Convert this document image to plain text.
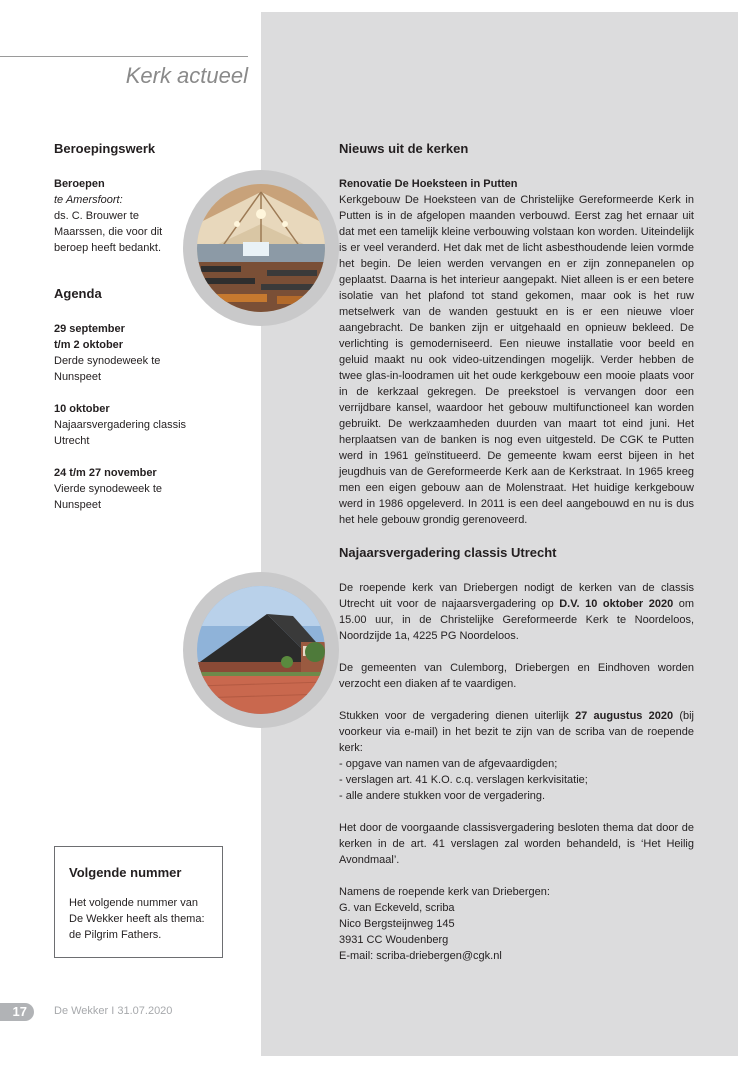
Kerk actueel
Beroepingswerk
Beroepen
te Amersfoort:
ds. C. Brouwer te
Maarssen, die voor dit
beroep heeft bedankt.
Agenda
29 september
t/m 2 oktober
Derde synodeweek te
Nunspeet
10 oktober
Najaarsvergadering classis
Utrecht
24 t/m 27 november
Vierde synodeweek te
Nunspeet
Nieuws uit de kerken
Renovatie De Hoeksteen in Putten

Kerkgebouw De Hoeksteen van de Christelijke Gereformeerde Kerk in Putten is in de afgelopen maanden verbouwd. Eerst zag het ernaar uit dat met een tamelijk kleine verbouwing volstaan kon worden. Uiteindelijk is er veel veranderd. Het dak met de licht asbesthoudende leien vormde het begin. De leien werden vervangen en er zijn zonnepanelen op geplaatst. Daarna is het interieur aangepakt. Niet alleen is er een betere isolatie van het plafond tot stand gekomen, maar ook is het ruw metselwerk van de wanden gestuukt en is er een nieuwe vloer aangebracht. De banken zijn er uitgehaald en opnieuw bekleed. De verlichting is gemoderniseerd. Een nieuwe installatie voor beeld en geluid maakt nu ook video-uitzendingen mogelijk. Verder hebben de twee glas-in-loodramen uit het oude kerkgebouw een mooie plaats voor in de kerkzaal gekregen. De preekstoel is vervangen door een verrijdbare kansel, waardoor het gebouw multifunctioneel kan worden gebruikt. De werkzaamheden duurden van maart tot eind juni. Het herplaatsen van de banken is nog even uitgesteld. De CGK te Putten werd in 1961 geïnstitueerd. De gemeente kwam eerst bijeen in het jeugdhuis van de Gereformeerde Kerk aan de Kerkstraat. In 1965 kreeg men een eigen gebouw aan de Molenstraat. Het huidige kerkgebouw werd in 1986 opgeleverd. In 2011 is een deel aangebouwd en nu is dus het hele gebouw grondig gerenoveerd.

Najaarsvergadering classis Utrecht

De roepende kerk van Driebergen nodigt de kerken van de classis Utrecht uit voor de najaarsvergadering op D.V. 10 oktober 2020 om 15.00 uur, in de Christelijke Gereformeerde Kerk te Noordeloos, Noordzijde 1a, 4225 PG Noordeloos.

De gemeenten van Culemborg, Driebergen en Eindhoven worden verzocht een diaken af te vaardigen.

Stukken voor de vergadering dienen uiterlijk 27 augustus 2020 (bij voorkeur via e-mail) in het bezit te zijn van de scriba van de roepende kerk:

- opgave van namen van de afgevaardigden;
- verslagen art. 41 K.O. c.q. verslagen kerkvisitatie;
- alle andere stukken voor de vergadering.

Het door de voorgaande classisvergadering besloten thema dat door de kerken in de art. 41 verslagen zal worden behandeld, is ‘Het Heilig Avondmaal’.

Namens de roepende kerk van Driebergen:
G. van Eckeveld, scriba
Nico Bergsteijnweg 145
3931 CC Woudenberg
E-mail: scriba-driebergen@cgk.nl
Volgende nummer
Het volgende nummer van
De Wekker heeft als thema:
de Pilgrim Fathers.
17	De Wekker I 31.07.2020
